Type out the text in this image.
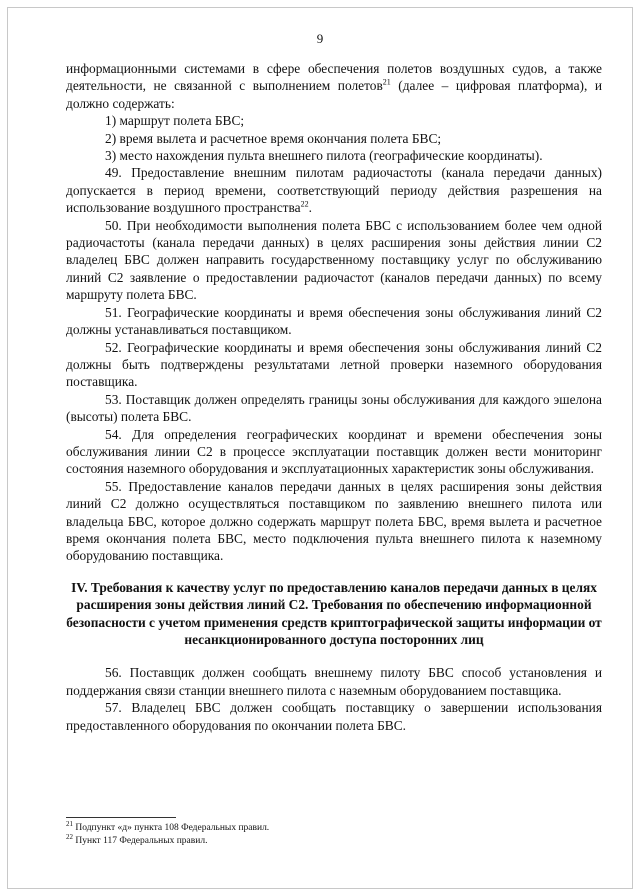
9

информационными системами в сфере обеспечения полетов воздушных судов, а также деятельности, не связанной с выполнением полетов$^{21}$ (далее – цифровая платформа), и должно содержать:

1) маршрут полета БВС;

2) время вылета и расчетное время окончания полета БВС;

3) место нахождения пульта внешнего пилота (географические координаты).

49. Предоставление внешним пилотам радиочастоты (канала передачи данных) допускается в период времени, соответствующий периоду действия разрешения на использование воздушного пространства$^{22}$.

50. При необходимости выполнения полета БВС с использованием более чем одной радиочастоты (канала передачи данных) в целях расширения зоны действия линии С2 владелец БВС должен направить государственному поставщику услуг по обслуживанию линий С2 заявление о предоставлении радиочастот (каналов передачи данных) по всему маршруту полета БВС.

51. Географические координаты и время обеспечения зоны обслуживания линий С2 должны устанавливаться поставщиком.

52. Географические координаты и время обеспечения зоны обслуживания линий С2 должны быть подтверждены результатами летной проверки наземного оборудования поставщика.

53. Поставщик должен определять границы зоны обслуживания для каждого эшелона (высоты) полета БВС.

54. Для определения географических координат и времени обеспечения зоны обслуживания линии С2 в процессе эксплуатации поставщик должен вести мониторинг состояния наземного оборудования и эксплуатационных характеристик зоны обслуживания.

55. Предоставление каналов передачи данных в целях расширения зоны действия линий С2 должно осуществляться поставщиком по заявлению внешнего пилота или владельца БВС, которое должно содержать маршрут полета БВС, время вылета и расчетное время окончания полета БВС, место подключения пульта внешнего пилота к наземному оборудованию поставщика.

IV. Требования к качеству услуг по предоставлению каналов передачи данных в целях расширения зоны действия линий С2. Требования по обеспечению информационной безопасности с учетом применения средств криптографической защиты информации от несанкционированного доступа посторонних лиц

56. Поставщик должен сообщать внешнему пилоту БВС способ установления и поддержания связи станции внешнего пилота с наземным оборудованием поставщика.

57. Владелец БВС должен сообщать поставщику о завершении использования предоставленного оборудования по окончании полета БВС.

$^{21}$ Подпункт «д» пункта 108 Федеральных правил.

$^{22}$ Пункт 117 Федеральных правил.
